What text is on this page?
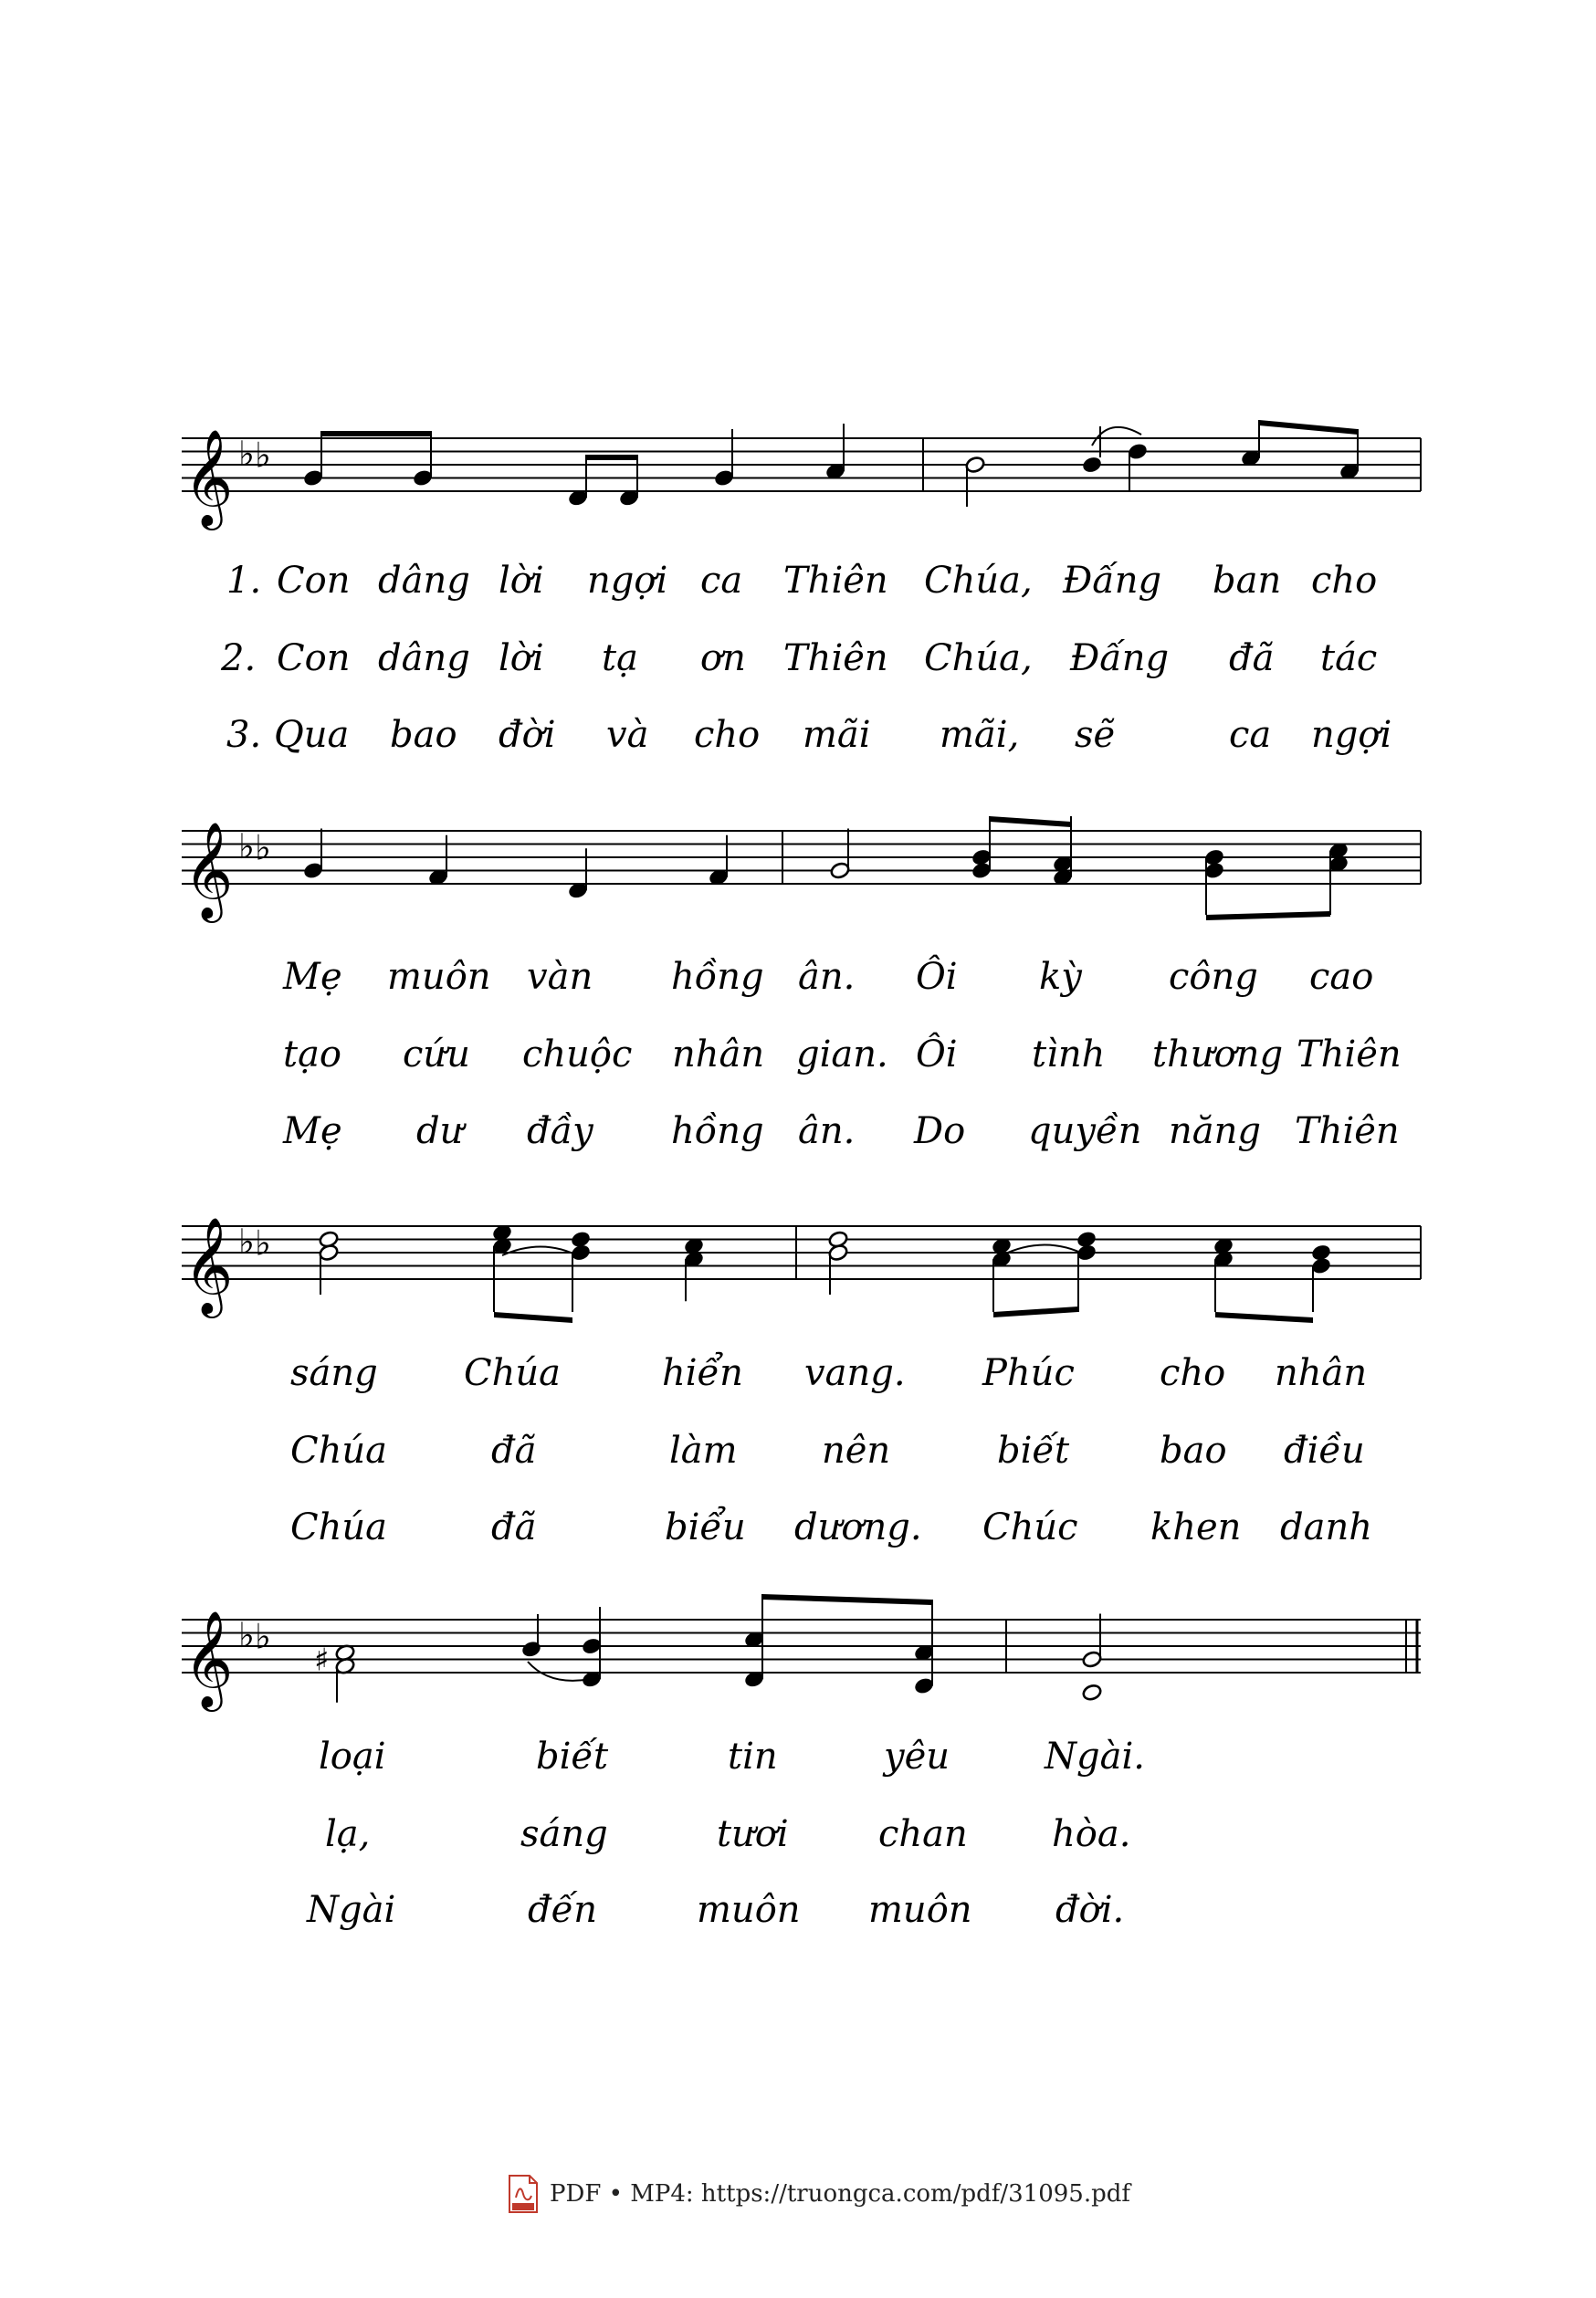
𝄞 ♭ ♭
𝄞 ♭ ♭
𝄞 ♭ ♭
𝄞 ♭ ♭
♯
1. Con dâng lời ngợi ca Thiên Chúa, Đấng ban cho
2. Con dâng lời tạ ơn Thiên Chúa, Đấng đã tác
3. Qua bao đời và cho mãi mãi, sẽ	ca ngợi
Mẹ muôn vàn hồng ân. Ôi kỳ công cao
tạo cứu chuộc nhân gian. Ôi tình thương Thiên
Mẹ dư đầy hồng ân. Do quyền năng Thiên
sáng Chúa	hiển vang. Phúc cho nhân
Chúa	đã	làm nên	biết bao điều
Chúa	đã	biểu dương. Chúc khen danh
loại	biết	tin	yêu	Ngài.
lạ,	sáng	tươi chan hòa.
Ngài	đến	muôn muôn đời.
PDF • MP4: https://truongca.com/pdf/31095.pdf
